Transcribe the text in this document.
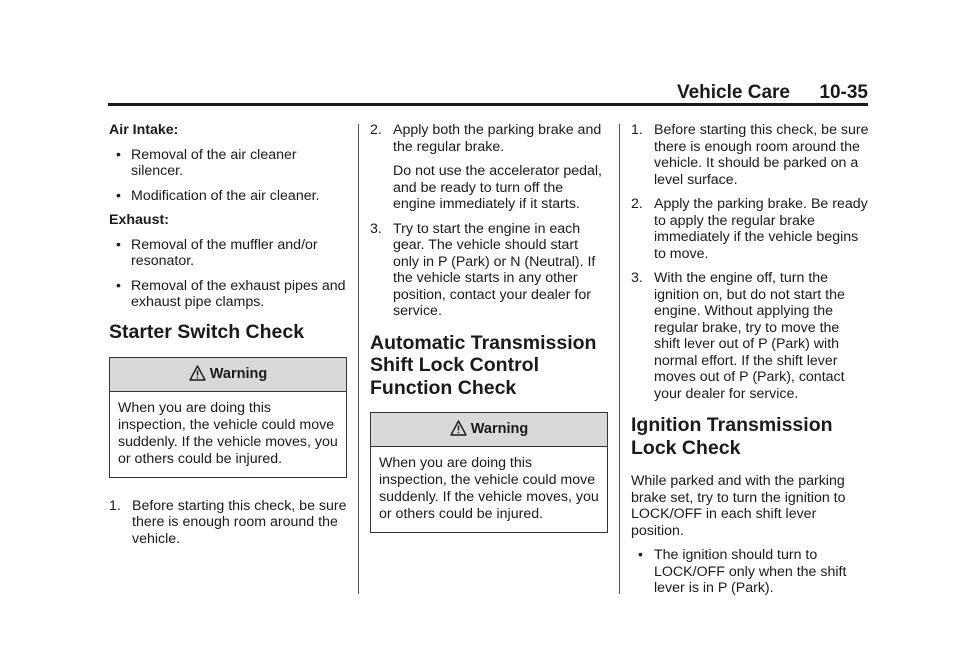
Vehicle Care 10-35

Air Intake:

• Removal of the air cleaner silencer.

• Modification of the air cleaner.

Exhaust:

• Removal of the muffler and/or resonator.

• Removal of the exhaust pipes and exhaust pipe clamps.

Starter Switch Check
Warning
When you are doing this inspection, the vehicle could move suddenly. If the vehicle moves, you or others could be injured.
1. Before starting this check, be sure there is enough room around the vehicle.
2. Apply both the parking brake and the regular brake.

Do not use the accelerator pedal, and be ready to turn off the engine immediately if it starts.

3. Try to start the engine in each gear. The vehicle should start only in P (Park) or N (Neutral). If the vehicle starts in any other position, contact your dealer for service.
Automatic Transmission Shift Lock Control Function Check
Warning
When you are doing this inspection, the vehicle could move suddenly. If the vehicle moves, you or others could be injured.
1. Before starting this check, be sure there is enough room around the vehicle. It should be parked on a level surface.
2. Apply the parking brake. Be ready to apply the regular brake immediately if the vehicle begins to move.
3. With the engine off, turn the ignition on, but do not start the engine. Without applying the regular brake, try to move the shift lever out of P (Park) with normal effort. If the shift lever moves out of P (Park), contact your dealer for service.
Ignition Transmission Lock Check

While parked and with the parking brake set, try to turn the ignition to LOCK/OFF in each shift lever position.

• The ignition should turn to LOCK/OFF only when the shift lever is in P (Park).
